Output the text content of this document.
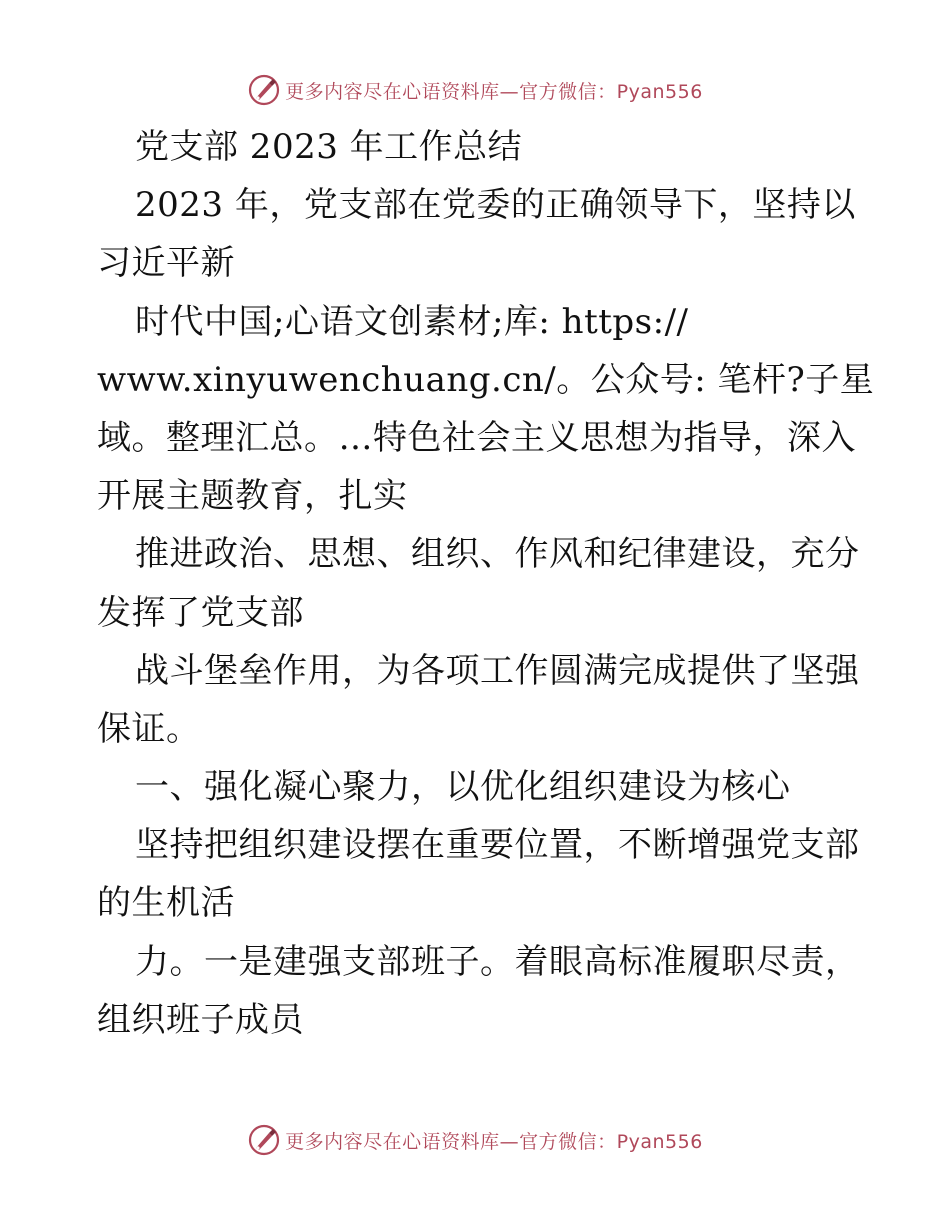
更多内容尽在心语资料库—官方微信：Pyan556
党支部 2023 年工作总结
2023 年，党支部在党委的正确领导下，坚持以
习近平新
时代中国;心语文创素材;库: https://
www.xinyuwenchuang.cn/。公众号: 笔杆?子星
域。整理汇总。…特色社会主义思想为指导，深入
开展主题教育，扎实
推进政治、思想、组织、作风和纪律建设，充分
发挥了党支部
战斗堡垒作用，为各项工作圆满完成提供了坚强
保证。
一、强化凝心聚力，以优化组织建设为核心
坚持把组织建设摆在重要位置，不断增强党支部
的生机活
力。一是建强支部班子。着眼高标准履职尽责，
组织班子成员
更多内容尽在心语资料库—官方微信：Pyan556
